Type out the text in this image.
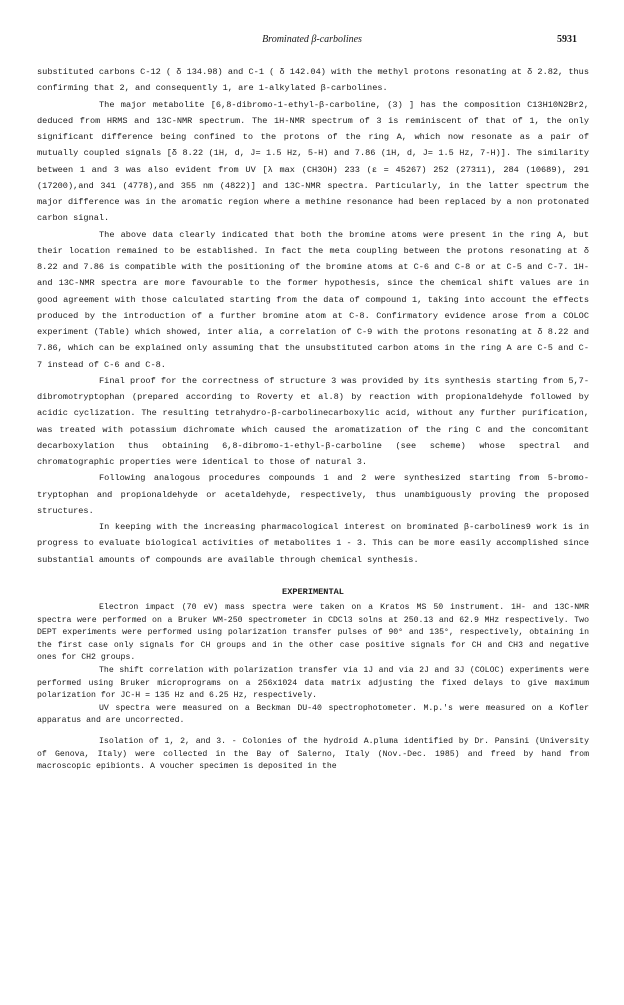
Brominated β-carbolines	5931

substituted carbons C-12 ( δ 134.98) and C-1 ( δ 142.04) with the methyl protons resonating at δ 2.82, thus confirming that 2, and consequently 1, are 1-alkylated β-carbolines.

The major metabolite [6,8-dibromo-1-ethyl-β-carboline, (3) ] has the composition C13H10N2Br2, deduced from HRMS and 13C-NMR spectrum. The 1H-NMR spectrum of 3 is reminiscent of that of 1, the only significant difference being confined to the protons of the ring A, which now resonate as a pair of mutually coupled signals [δ 8.22 (1H, d, J= 1.5 Hz, 5-H) and 7.86 (1H, d, J= 1.5 Hz, 7-H)]. The similarity between 1 and 3 was also evident from UV [λ max (CH3OH) 233 (ε = 45267) 252 (27311), 284 (10689), 291 (17200),and 341 (4778),and 355 nm (4822)] and 13C-NMR spectra. Particularly, in the latter spectrum the major difference was in the aromatic region where a methine resonance had been replaced by a non protonated carbon signal.

The above data clearly indicated that both the bromine atoms were present in the ring A, but their location remained to be established. In fact the meta coupling between the protons resonating at δ 8.22 and 7.86 is compatible with the positioning of the bromine atoms at C-6 and C-8 or at C-5 and C-7. 1H- and 13C-NMR spectra are more favourable to the former hypothesis, since the chemical shift values are in good agreement with those calculated starting from the data of compound 1, taking into account the effects produced by the introduction of a further bromine atom at C-8. Confirmatory evidence arose from a COLOC experiment (Table) which showed, inter alia, a correlation of C-9 with the protons resonating at δ 8.22 and 7.86, which can be explained only assuming that the unsubstituted carbon atoms in the ring A are C-5 and C-7 instead of C-6 and C-8.

Final proof for the correctness of structure 3 was provided by its synthesis starting from 5,7-dibromotryptophan (prepared according to Roverty et al.8) by reaction with propionaldehyde followed by acidic cyclization. The resulting tetrahydro-β-carbolinecarboxylic acid, without any further purification, was treated with potassium dichromate which caused the aromatization of the ring C and the concomitant decarboxylation thus obtaining 6,8-dibromo-1-ethyl-β-carboline (see scheme) whose spectral and chromatographic properties were identical to those of natural 3.

Following analogous procedures compounds 1 and 2 were synthesized starting from 5-bromo-tryptophan and propionaldehyde or acetaldehyde, respectively, thus unambiguously proving the proposed structures.

In keeping with the increasing pharmacological interest on brominated β-carbolines9 work is in progress to evaluate biological activities of metabolites 1 - 3. This can be more easily accomplished since substantial amounts of compounds are available through chemical synthesis.

EXPERIMENTAL

Electron impact (70 eV) mass spectra were taken on a Kratos MS 50 instrument. 1H- and 13C-NMR spectra were performed on a Bruker WM-250 spectrometer in CDCl3 solns at 250.13 and 62.9 MHz respectively. Two DEPT experiments were performed using polarization transfer pulses of 90° and 135°, respectively, obtaining in the first case only signals for CH groups and in the other case positive signals for CH and CH3 and negative ones for CH2 groups.

The shift correlation with polarization transfer via 1J and via 2J and 3J (COLOC) experiments were performed using Bruker microprograms on a 256x1024 data matrix adjusting the fixed delays to give maximum polarization for JC-H = 135 Hz and 6.25 Hz, respectively.

UV spectra were measured on a Beckman DU-40 spectrophotometer. M.p.'s were measured on a Kofler apparatus and are uncorrected.

Isolation of 1, 2, and 3. - Colonies of the hydroid A.pluma identified by Dr. Pansini (University of Genova, Italy) were collected in the Bay of Salerno, Italy (Nov.-Dec. 1985) and freed by hand from macroscopic epibionts. A voucher specimen is deposited in the
